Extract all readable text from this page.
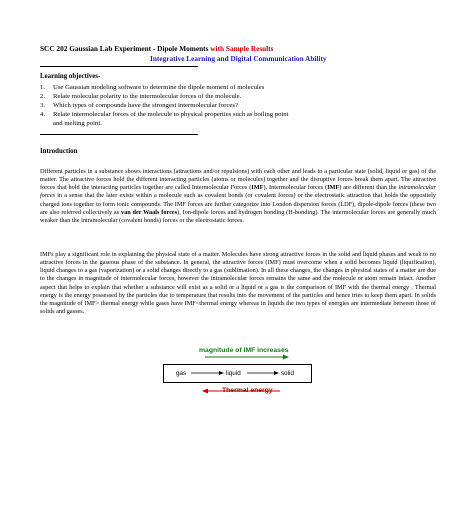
SCC 202 Gaussian Lab Experiment - Dipole Moments with Sample Results
Integrative Learning and Digital Communication Ability
Learning objectives-
1. Use Gaussian modeling software to determine the dipole moment of molecules
2. Relate molecular polarity to the intermolecular forces of the molecule.
3. Which types of compounds have the strongest intermolecular forces?
4. Relate intermolecular forces of the molecule to physical properties such as boiling point
and melting point.
Introduction

Different particles in a substance shows interactions (attractions and/or repulsions) with each other and leads to a particular state (solid, liquid or gas) of the matter. The attractive forces hold the different interacting particles (atoms or molecules) together and the disruptive forces break them apart. The attractive forces that hold the interacting particles together are called Intermolecular Forces (IMF). Intermolecular forces (IMF) are different than the intramolecular forces in a sense that the later exists within a molecule such as covalent bonds (or covalent forces) or the electrostatic attraction that holds the oppositely charged ions together to form ionic compounds. The IMF forces are further categorize into London dispersion forces (LDF), dipole-dipole forces (these two are also referred collectively as van der Waals forces), Ion-dipole forces and hydrogen bonding (H-bonding). The intermolecular forces are generally much weaker than the intramolecular (covalent bonds) forces or the electrostatic forces.

IMFs play a significant role in explaining the physical state of a matter. Molecules have strong attractive forces in the solid and liquid phases and weak to no attractive forces in the gaseous phase of the substance. In general, the attractive forces (IMF) must overcome when a solid becomes liquid (liquification), liquid changes to a gas (vaporization) or a solid changes directly to a gas (sublimation). In all these changes, the changes in physical states of a matter are due to the changes in magnitude of intermolecular forces, however the intramolecular forces remains the same and the molecule or atom remain intact. Another aspect that helps to explain that whether a substance will exist as a solid or a liquid or a gas is the comparison of IMF with the thermal energy . Thermal energy is the energy possessed by the particles due to temperature that results into the movement of the particles and hence tries to keep them apart. In solids the magnitude of IMF> thermal energy while gases have IMF<thermal energy whereas in liquids the two types of energies are intermediate between those of solids and gasses.

magnitude of IMF increases
gas	liquid	solid
Thermal energy
